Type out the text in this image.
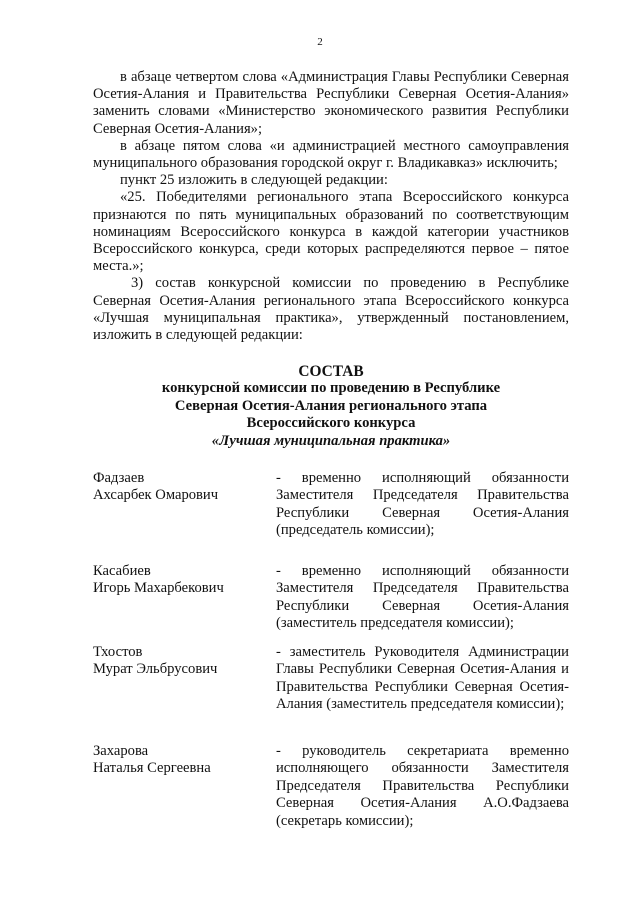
2

в абзаце четвертом слова «Администрация Главы Республики Северная Осетия-Алания и Правительства Республики Северная Осетия-Алания» заменить словами «Министерство экономического развития Республики Северная Осетия-Алания»;

в абзаце пятом слова «и администрацией местного самоуправления муниципального образования городской округ г. Владикавказ» исключить;

пункт 25 изложить в следующей редакции:

«25. Победителями регионального этапа Всероссийского конкурса признаются по пять муниципальных образований по соответствующим номинациям Всероссийского конкурса в каждой категории участников Всероссийского конкурса, среди которых распределяются первое – пятое места.»;

3) состав конкурсной комиссии по проведению в Республике Северная Осетия-Алания регионального этапа Всероссийского конкурса «Лучшая муниципальная практика», утвержденный постановлением, изложить в следующей редакции:

СОСТАВ
конкурсной комиссии по проведению в Республике
Северная Осетия-Алания регионального этапа
Всероссийского конкурса
«Лучшая муниципальная практика»
Фадзаев
Ахсарбек Омарович
- временно исполняющий обязанности Заместителя Председателя Правительства Республики Северная Осетия-Алания (председатель комиссии);
Касабиев
Игорь Махарбекович
- временно исполняющий обязанности Заместителя Председателя Правительства Республики Северная Осетия-Алания (заместитель председателя комиссии);
Тхостов
Мурат Эльбрусович
- заместитель Руководителя Администрации Главы Республики Северная Осетия-Алания и Правительства Республики Северная Осетия-Алания (заместитель председателя комиссии);
Захарова
Наталья Сергеевна
- руководитель секретариата временно исполняющего обязанности Заместителя Председателя Правительства Республики Северная Осетия-Алания А.О.Фадзаева (секретарь комиссии);
